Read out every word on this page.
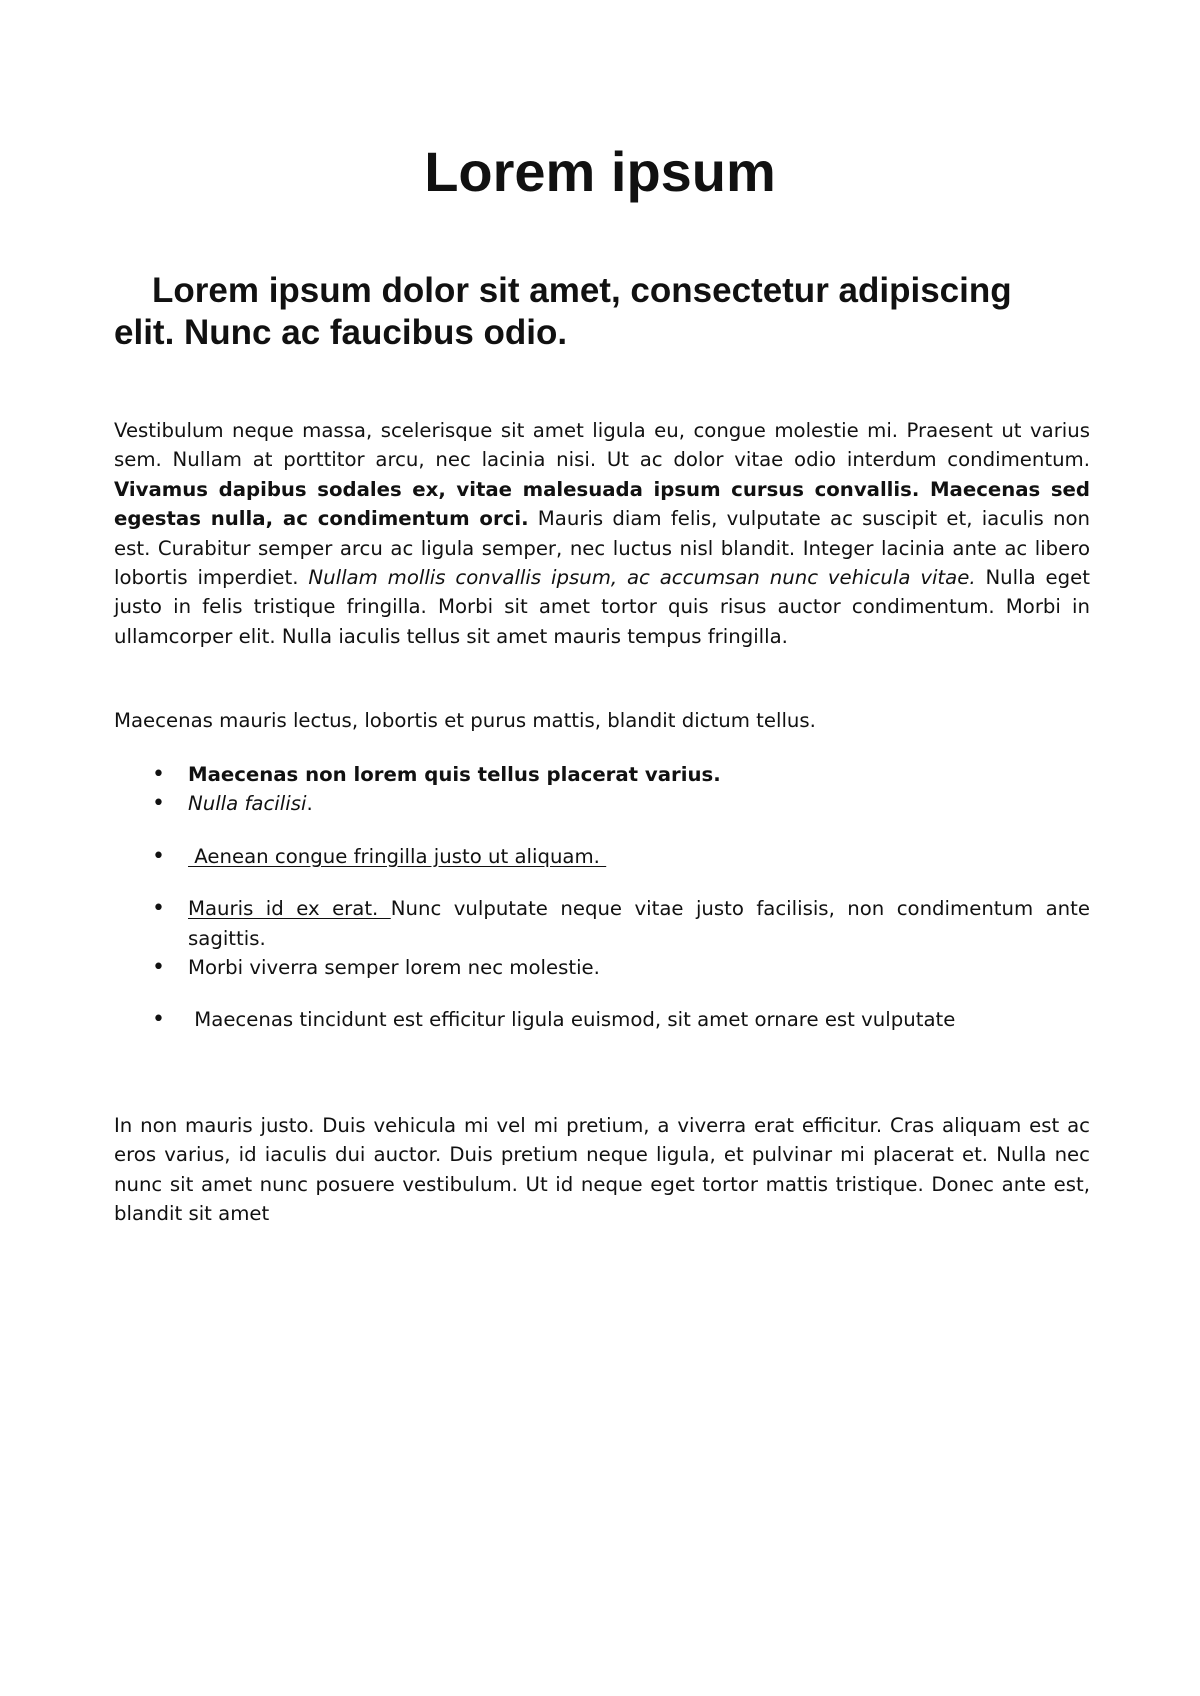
Lorem ipsum
Lorem ipsum dolor sit amet, consectetur adipiscing elit. Nunc ac faucibus odio.

Vestibulum neque massa, scelerisque sit amet ligula eu, congue molestie mi. Praesent ut varius sem. Nullam at porttitor arcu, nec lacinia nisi. Ut ac dolor vitae odio interdum condimentum. Vivamus dapibus sodales ex, vitae malesuada ipsum cursus convallis. Maecenas sed egestas nulla, ac condimentum orci. Mauris diam felis, vulputate ac suscipit et, iaculis non est. Curabitur semper arcu ac ligula semper, nec luctus nisl blandit. Integer lacinia ante ac libero lobortis imperdiet. Nullam mollis convallis ipsum, ac accumsan nunc vehicula vitae. Nulla eget justo in felis tristique fringilla. Morbi sit amet tortor quis risus auctor condimentum. Morbi in ullamcorper elit. Nulla iaculis tellus sit amet mauris tempus fringilla.

Maecenas mauris lectus, lobortis et purus mattis, blandit dictum tellus.

• Maecenas non lorem quis tellus placerat varius.
• Nulla facilisi.
• Aenean congue fringilla justo ut aliquam.
• Mauris id ex erat. Nunc vulputate neque vitae justo facilisis, non condimentum ante sagittis.
• Morbi viverra semper lorem nec molestie.
• Maecenas tincidunt est efficitur ligula euismod, sit amet ornare est vulputate

In non mauris justo. Duis vehicula mi vel mi pretium, a viverra erat efficitur. Cras aliquam est ac eros varius, id iaculis dui auctor. Duis pretium neque ligula, et pulvinar mi placerat et. Nulla nec nunc sit amet nunc posuere vestibulum. Ut id neque eget tortor mattis tristique. Donec ante est, blandit sit amet
